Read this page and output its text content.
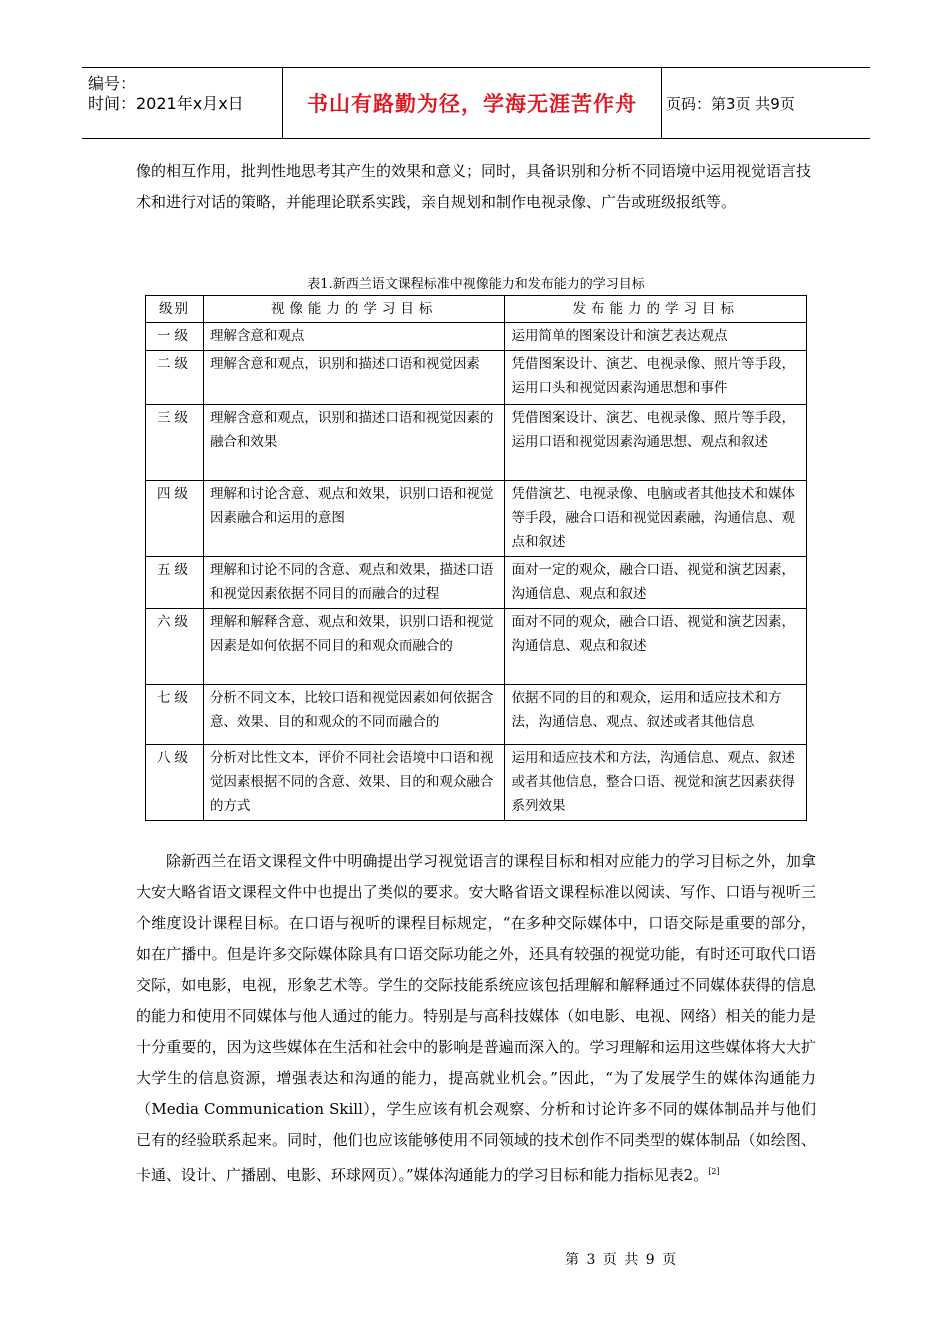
编号：
时间：2021年x月x日	书山有路勤为径，学海无涯苦作舟	页码：第3页 共9页
像的相互作用，批判性地思考其产生的效果和意义；同时，具备识别和分析不同语境中运用视觉语言技术和进行对话的策略，并能理论联系实践，亲自规划和制作电视录像、广告或班级报纸等。
表1.新西兰语文课程标准中视像能力和发布能力的学习目标
级别	视像能力的学习目标	发布能力的学习目标
一级	理解含意和观点	运用简单的图案设计和演艺表达观点
二级	理解含意和观点，识别和描述口语和视觉因素	凭借图案设计、演艺、电视录像、照片等手段，运用口头和视觉因素沟通思想和事件
三级	理解含意和观点，识别和描述口语和视觉因素的融合和效果	凭借图案设计、演艺、电视录像、照片等手段，运用口语和视觉因素沟通思想、观点和叙述
四级	理解和讨论含意、观点和效果，识别口语和视觉因素融合和运用的意图	凭借演艺、电视录像、电脑或者其他技术和媒体等手段，融合口语和视觉因素融，沟通信息、观点和叙述
五级	理解和讨论不同的含意、观点和效果，描述口语和视觉因素依据不同目的而融合的过程	面对一定的观众，融合口语、视觉和演艺因素，沟通信息、观点和叙述
六级	理解和解释含意、观点和效果，识别口语和视觉因素是如何依据不同目的和观众而融合的	面对不同的观众，融合口语、视觉和演艺因素，沟通信息、观点和叙述
七级	分析不同文本，比较口语和视觉因素如何依据含意、效果、目的和观众的不同而融合的	依据不同的目的和观众，运用和适应技术和方法，沟通信息、观点、叙述或者其他信息
八级	分析对比性文本，评价不同社会语境中口语和视觉因素根据不同的含意、效果、目的和观众融合的方式	运用和适应技术和方法，沟通信息、观点、叙述或者其他信息，整合口语、视觉和演艺因素获得系列效果
除新西兰在语文课程文件中明确提出学习视觉语言的课程目标和相对应能力的学习目标之外，加拿大安大略省语文课程文件中也提出了类似的要求。安大略省语文课程标准以阅读、写作、口语与视听三个维度设计课程目标。在口语与视听的课程目标规定，“在多种交际媒体中，口语交际是重要的部分，如在广播中。但是许多交际媒体除具有口语交际功能之外，还具有较强的视觉功能，有时还可取代口语交际，如电影，电视，形象艺术等。学生的交际技能系统应该包括理解和解释通过不同媒体获得的信息的能力和使用不同媒体与他人通过的能力。特别是与高科技媒体（如电影、电视、网络）相关的能力是十分重要的，因为这些媒体在生活和社会中的影响是普遍而深入的。学习理解和运用这些媒体将大大扩大学生的信息资源，增强表达和沟通的能力，提高就业机会。”因此，“为了发展学生的媒体沟通能力（Media Communication Skill），学生应该有机会观察、分析和讨论许多不同的媒体制品并与他们已有的经验联系起来。同时，他们也应该能够使用不同领域的技术创作不同类型的媒体制品（如绘图、卡通、设计、广播剧、电影、环球网页）。”媒体沟通能力的学习目标和能力指标见表2。[2]
第 3 页 共 9 页
